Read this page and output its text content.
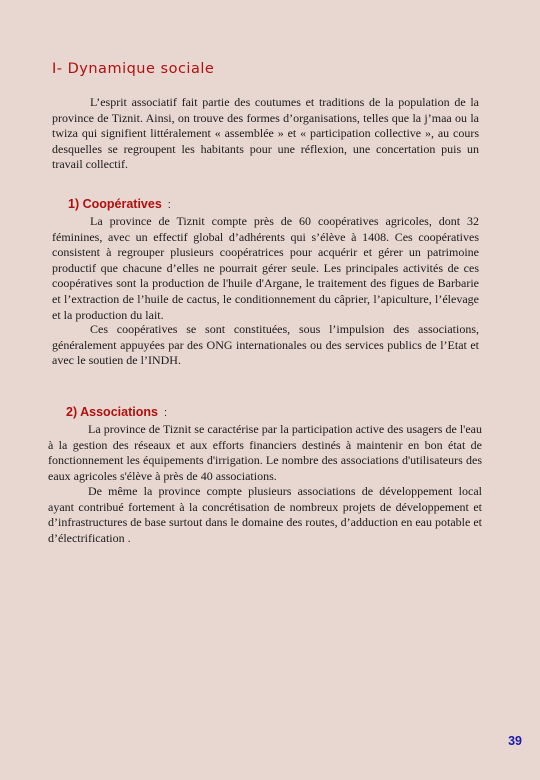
I- Dynamique sociale

L’esprit associatif fait partie des coutumes et traditions de la population de la province de Tiznit. Ainsi, on trouve des formes d’organisations, telles que la j’maa ou la twiza qui signifient littéralement « assemblée » et « participation collective », au cours desquelles se regroupent les habitants pour une réflexion, une concertation puis un travail collectif.

1) Coopératives :

La province de Tiznit compte près de 60 coopératives agricoles, dont 32 féminines, avec un effectif global d’adhérents qui s’élève à 1408. Ces coopératives consistent à regrouper plusieurs coopératrices pour acquérir et gérer un patrimoine productif que chacune d’elles ne pourrait gérer seule. Les principales activités de ces coopératives sont la production de l'huile d'Argane, le traitement des figues de Barbarie et l’extraction de l’huile de cactus, le conditionnement du câprier, l’apiculture, l’élevage et la production du lait.

Ces coopératives se sont constituées, sous l’impulsion des associations, généralement appuyées par des ONG internationales ou des services publics de l’Etat et avec le soutien de l’INDH.

2) Associations :

La province de Tiznit se caractérise par la participation active des usagers de l'eau à la gestion des réseaux et aux efforts financiers destinés à maintenir en bon état de fonctionnement les équipements d'irrigation. Le nombre des associations d'utilisateurs des eaux agricoles s'élève à près de 40 associations.

De même la province compte plusieurs associations de développement local ayant contribué fortement à la concrétisation de nombreux projets de développement et d’infrastructures de base surtout dans le domaine des routes, d’adduction en eau potable et d’électrification .

39
